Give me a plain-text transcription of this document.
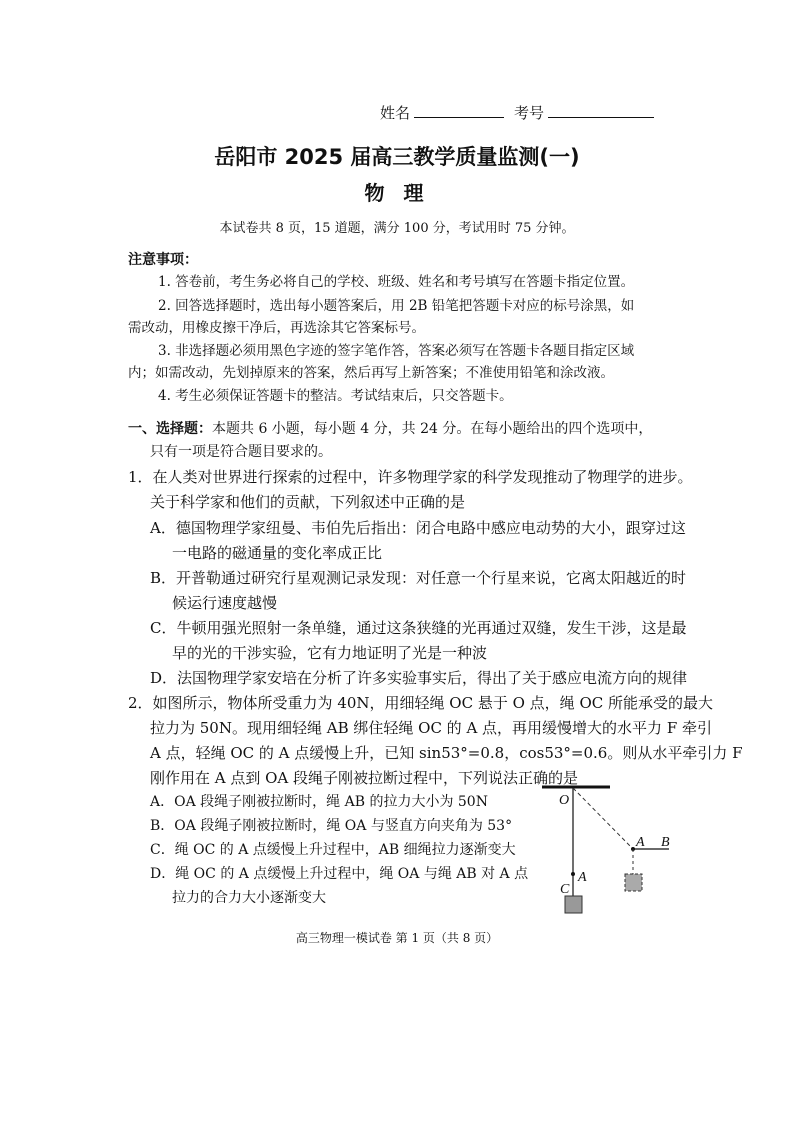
姓名	考号
岳阳市 2025 届高三教学质量监测(一)
物 理
本试卷共 8 页，15 道题，满分 100 分，考试用时 75 分钟。
注意事项：
1. 答卷前，考生务必将自己的学校、班级、姓名和考号填写在答题卡指定位置。
2. 回答选择题时，选出每小题答案后，用 2B 铅笔把答题卡对应的标号涂黑，如
需改动，用橡皮擦干净后，再选涂其它答案标号。
3. 非选择题必须用黑色字迹的签字笔作答，答案必须写在答题卡各题目指定区域
内；如需改动，先划掉原来的答案，然后再写上新答案；不准使用铅笔和涂改液。
4. 考生必须保证答题卡的整洁。考试结束后，只交答题卡。
一、选择题：本题共 6 小题，每小题 4 分，共 24 分。在每小题给出的四个选项中，
只有一项是符合题目要求的。
1．在人类对世界进行探索的过程中，许多物理学家的科学发现推动了物理学的进步。
关于科学家和他们的贡献，下列叙述中正确的是
A．德国物理学家纽曼、韦伯先后指出：闭合电路中感应电动势的大小，跟穿过这
一电路的磁通量的变化率成正比
B．开普勒通过研究行星观测记录发现：对任意一个行星来说，它离太阳越近的时
候运行速度越慢
C．牛顿用强光照射一条单缝，通过这条狭缝的光再通过双缝，发生干涉，这是最
早的光的干涉实验，它有力地证明了光是一种波
D．法国物理学家安培在分析了许多实验事实后，得出了关于感应电流方向的规律
2．如图所示，物体所受重力为 40N，用细轻绳 OC 悬于 O 点，绳 OC 所能承受的最大
拉力为 50N。现用细轻绳 AB 绑住轻绳 OC 的 A 点，再用缓慢增大的水平力 F 牵引
A 点，轻绳 OC 的 A 点缓慢上升，已知 sin53°=0.8，cos53°=0.6。则从水平牵引力 F
刚作用在 A 点到 OA 段绳子刚被拉断过程中，下列说法正确的是
A．OA 段绳子刚被拉断时，绳 AB 的拉力大小为 50N
B．OA 段绳子刚被拉断时，绳 OA 与竖直方向夹角为 53°
C．绳 OC 的 A 点缓慢上升过程中，AB 细绳拉力逐渐变大
D．绳 OC 的 A 点缓慢上升过程中，绳 OA 与绳 AB 对 A 点
拉力的合力大小逐渐变大
O
A B
A
C
高三物理一模试卷 第 1 页（共 8 页）
